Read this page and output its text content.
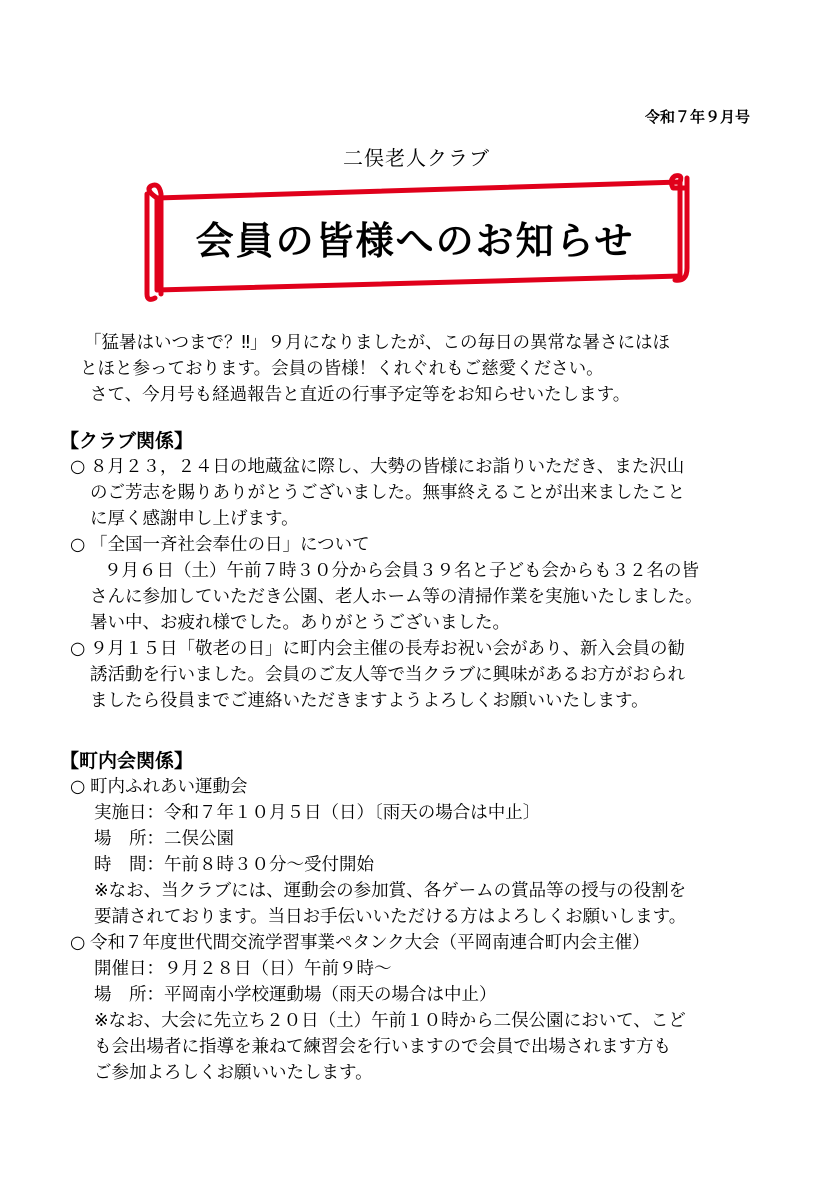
令和７年９月号
二俣老人クラブ
会員の皆様へのお知らせ

「猛暑はいつまで？‼」９月になりましたが、この毎日の異常な暑さにはほ

とほと参っております。会員の皆様！くれぐれもご慈愛ください。

さて、今月号も経過報告と直近の行事予定等をお知らせいたします。

【クラブ関係】

○ ８月２３，２４日の地蔵盆に際し、大勢の皆様にお詣りいただき、また沢山

のご芳志を賜りありがとうございました。無事終えることが出来ましたこと

に厚く感謝申し上げます。

○ 「全国一斉社会奉仕の日」について

９月６日（土）午前７時３０分から会員３９名と子ども会からも３２名の皆

さんに参加していただき公園、老人ホーム等の清掃作業を実施いたしました。

暑い中、お疲れ様でした。ありがとうございました。

○ ９月１５日「敬老の日」に町内会主催の長寿お祝い会があり、新入会員の勧

誘活動を行いました。会員のご友人等で当クラブに興味があるお方がおられ

ましたら役員までご連絡いただきますようよろしくお願いいたします。

【町内会関係】

○ 町内ふれあい運動会

実施日：令和７年１０月５日（日）〔雨天の場合は中止〕

場　所：二俣公園

時　間：午前８時３０分～受付開始

※なお、当クラブには、運動会の参加賞、各ゲームの賞品等の授与の役割を

要請されております。当日お手伝いいただける方はよろしくお願いします。

○ 令和７年度世代間交流学習事業ペタンク大会（平岡南連合町内会主催）

開催日：９月２８日（日）午前９時～

場　所：平岡南小学校運動場（雨天の場合は中止）

※なお、大会に先立ち２０日（土）午前１０時から二俣公園において、こど

も会出場者に指導を兼ねて練習会を行いますので会員で出場されます方も

ご参加よろしくお願いいたします。
